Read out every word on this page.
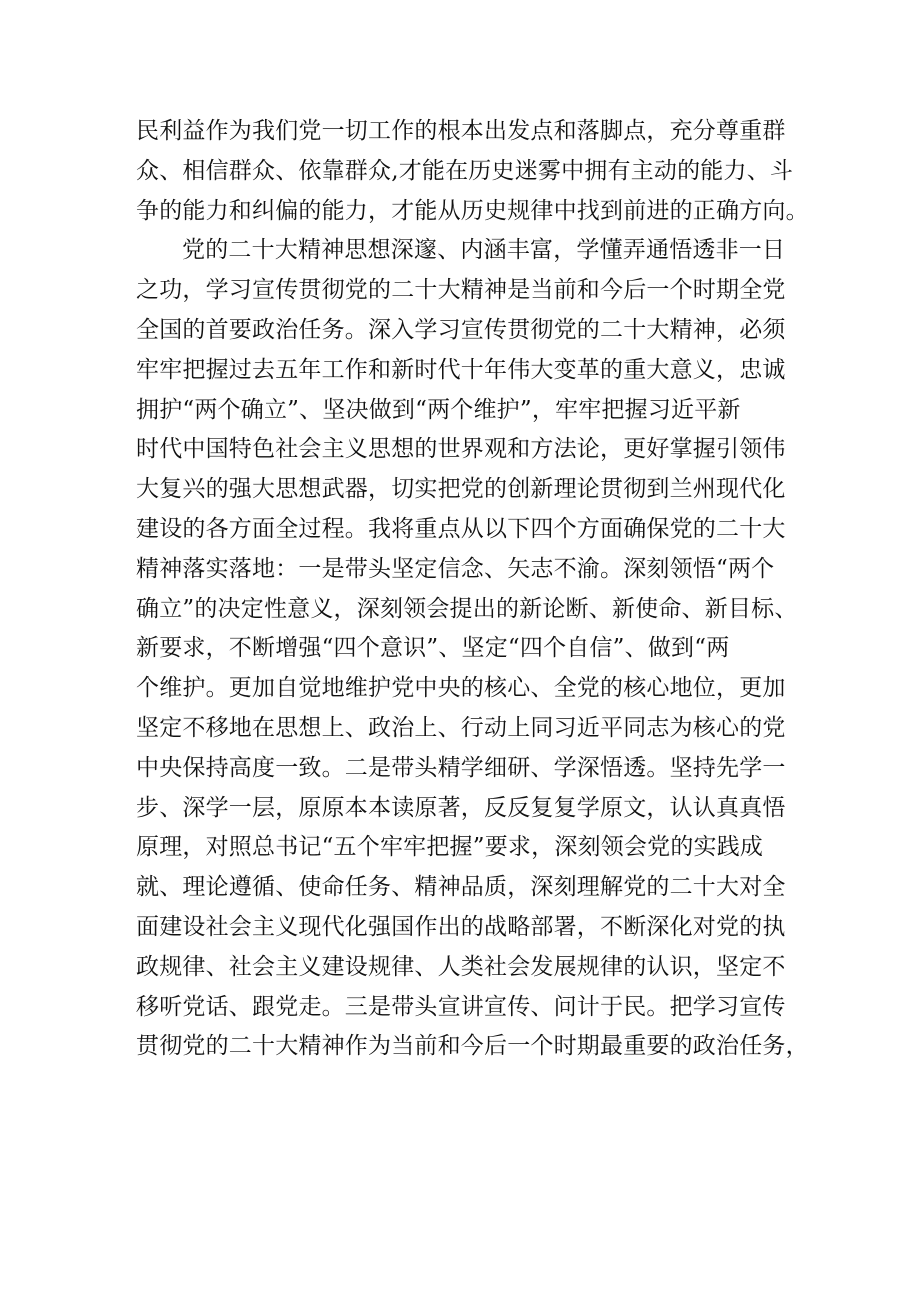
民利益作为我们党一切工作的根本出发点和落脚点，充分尊重群
众、相信群众、依靠群众,才能在历史迷雾中拥有主动的能力、斗
争的能力和纠偏的能力，才能从历史规律中找到前进的正确方向。
党的二十大精神思想深邃、内涵丰富，学懂弄通悟透非一日
之功，学习宣传贯彻党的二十大精神是当前和今后一个时期全党
全国的首要政治任务。深入学习宣传贯彻党的二十大精神，必须
牢牢把握过去五年工作和新时代十年伟大变革的重大意义，忠诚
拥护“两个确立”、坚决做到“两个维护”，牢牢把握习近平新
时代中国特色社会主义思想的世界观和方法论，更好掌握引领伟
大复兴的强大思想武器，切实把党的创新理论贯彻到兰州现代化
建设的各方面全过程。我将重点从以下四个方面确保党的二十大
精神落实落地：一是带头坚定信念、矢志不渝。深刻领悟“两个
确立”的决定性意义，深刻领会提出的新论断、新使命、新目标、
新要求，不断增强“四个意识”、坚定“四个自信”、做到“两
个维护。更加自觉地维护党中央的核心、全党的核心地位，更加
坚定不移地在思想上、政治上、行动上同习近平同志为核心的党
中央保持高度一致。二是带头精学细研、学深悟透。坚持先学一
步、深学一层，原原本本读原著，反反复复学原文，认认真真悟
原理，对照总书记“五个牢牢把握”要求，深刻领会党的实践成
就、理论遵循、使命任务、精神品质，深刻理解党的二十大对全
面建设社会主义现代化强国作出的战略部署，不断深化对党的执
政规律、社会主义建设规律、人类社会发展规律的认识，坚定不
移听党话、跟党走。三是带头宣讲宣传、问计于民。把学习宣传
贯彻党的二十大精神作为当前和今后一个时期最重要的政治任务，
